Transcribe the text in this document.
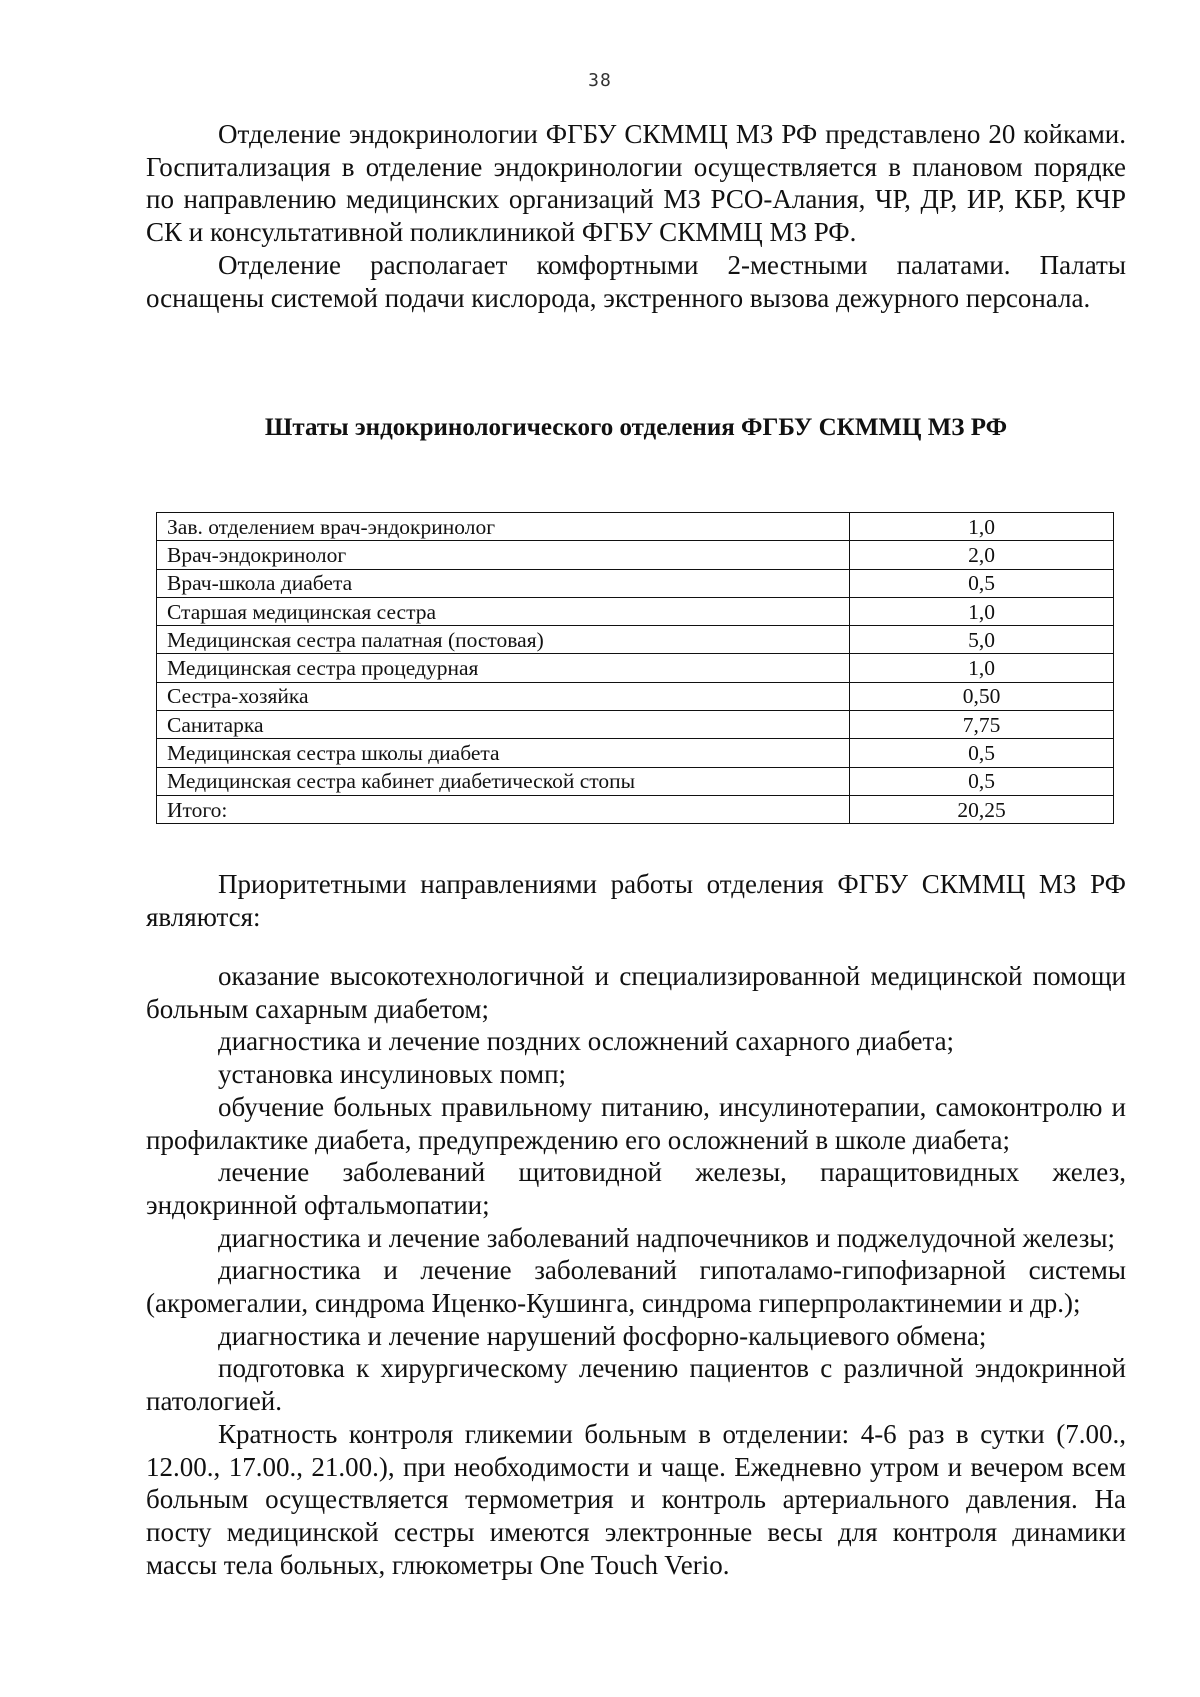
38

Отделение эндокринологии ФГБУ СКММЦ МЗ РФ представлено 20 койками. Госпитализация в отделение эндокринологии осуществляется в плановом порядке по направлению медицинских организаций МЗ РСО-Алания, ЧР, ДР, ИР, КБР, КЧР СК и консультативной поликлиникой ФГБУ СКММЦ МЗ РФ.

Отделение располагает комфортными 2-местными палатами. Палаты оснащены системой подачи кислорода, экстренного вызова дежурного персонала.

Штаты эндокринологического отделения ФГБУ СКММЦ МЗ РФ

Зав. отделением врач-эндокринолог	1,0
Врач-эндокринолог	2,0
Врач-школа диабета	0,5
Старшая медицинская сестра	1,0
Медицинская сестра палатная (постовая)	5,0
Медицинская сестра процедурная	1,0
Сестра-хозяйка	0,50
Санитарка	7,75
Медицинская сестра школы диабета	0,5
Медицинская сестра кабинет диабетической стопы	0,5
Итого:	20,25

Приоритетными направлениями работы отделения ФГБУ СКММЦ МЗ РФ являются:

оказание высокотехнологичной и специализированной медицинской помощи больным сахарным диабетом;

диагностика и лечение поздних осложнений сахарного диабета;

установка инсулиновых помп;

обучение больных правильному питанию, инсулинотерапии, самоконтролю и профилактике диабета, предупреждению его осложнений в школе диабета;

лечение заболеваний щитовидной железы, паращитовидных желез, эндокринной офтальмопатии;

диагностика и лечение заболеваний надпочечников и поджелудочной железы;

диагностика и лечение заболеваний гипоталамо-гипофизарной системы (акромегалии, синдрома Иценко-Кушинга, синдрома гиперпролактинемии и др.);

диагностика и лечение нарушений фосфорно-кальциевого обмена;

подготовка к хирургическому лечению пациентов с различной эндокринной патологией.

Кратность контроля гликемии больным в отделении: 4-6 раз в сутки (7.00., 12.00., 17.00., 21.00.), при необходимости и чаще. Ежедневно утром и вечером всем больным осуществляется термометрия и контроль артериального давления. На посту медицинской сестры имеются электронные весы для контроля динамики массы тела больных, глюкометры One Touch Verio.
